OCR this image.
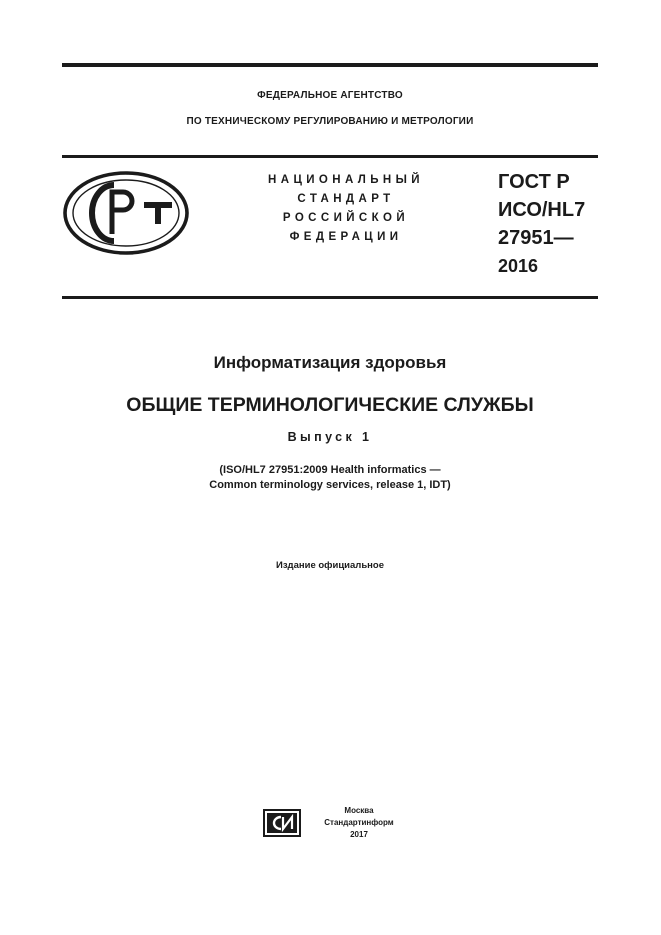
ФЕДЕРАЛЬНОЕ АГЕНТСТВО
ПО ТЕХНИЧЕСКОМУ РЕГУЛИРОВАНИЮ И МЕТРОЛОГИИ
НАЦИОНАЛЬНЫЙ
СТАНДАРТ
РОССИЙСКОЙ
ФЕДЕРАЦИИ
ГОСТ Р
ИСО/HL7
27951—
2016
Информатизация здоровья
ОБЩИЕ ТЕРМИНОЛОГИЧЕСКИЕ СЛУЖБЫ
Выпуск 1
(ISO/HL7 27951:2009 Health informatics —
Common terminology services, release 1, IDT)
Издание официальное
Москва
Стандартинформ
2017
